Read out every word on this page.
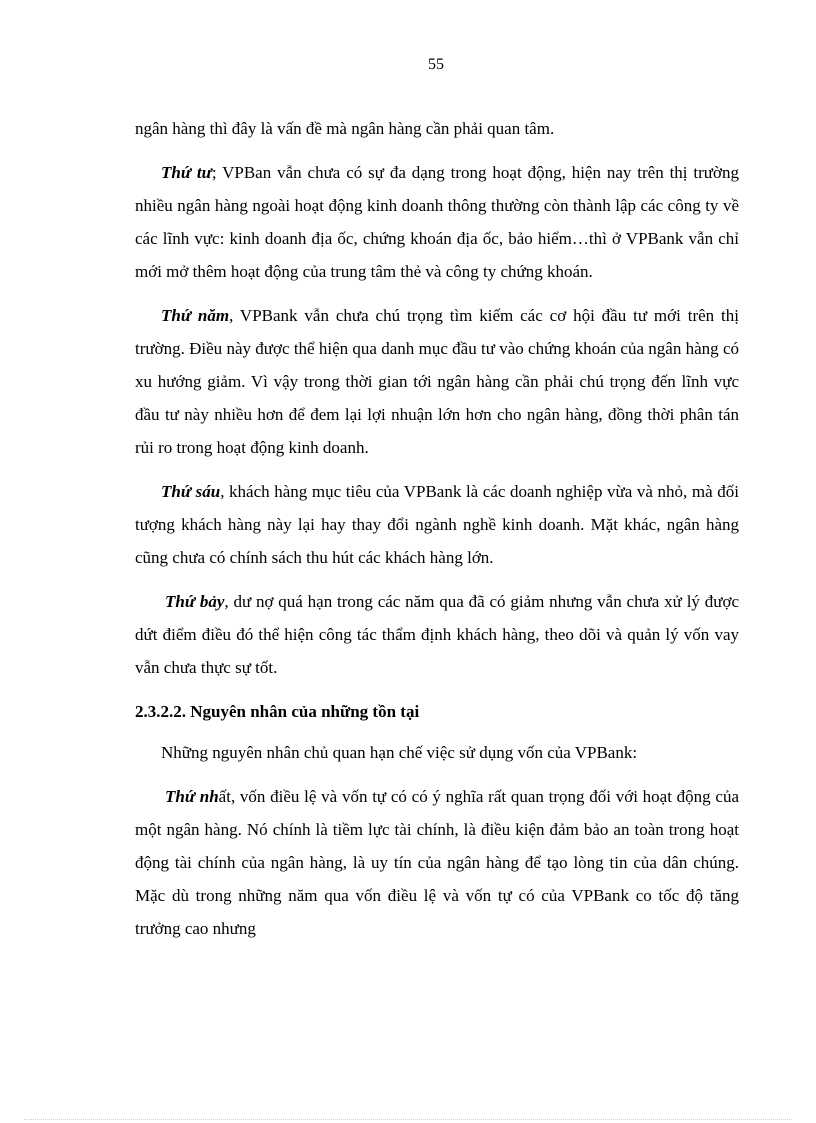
55

ngân hàng thì đây là vấn đề mà ngân hàng cần phải quan tâm.

Thứ tư; VPBan vẫn chưa có sự đa dạng trong hoạt động, hiện nay trên thị trường nhiều ngân hàng ngoài hoạt động kinh doanh thông thường còn thành lập các công ty về các lĩnh vực: kinh doanh địa ốc, chứng khoán địa ốc, bảo hiểm…thì ở VPBank vẫn chỉ mới mở thêm hoạt động của trung tâm thẻ và công ty chứng khoán.

Thứ năm, VPBank vẫn chưa chú trọng tìm kiếm các cơ hội đầu tư mới trên thị trường. Điều này được thể hiện qua danh mục đầu tư vào chứng khoán của ngân hàng có xu hướng giảm. Vì vậy trong thời gian tới ngân hàng cần phải chú trọng đến lĩnh vực đầu tư này nhiều hơn để đem lại lợi nhuận lớn hơn cho ngân hàng, đồng thời phân tán rủi ro trong hoạt động kinh doanh.

Thứ sáu, khách hàng mục tiêu của VPBank là các doanh nghiệp vừa và nhỏ, mà đối tượng khách hàng này lại hay thay đổi ngành nghề kinh doanh. Mặt khác, ngân hàng cũng chưa có chính sách thu hút các khách hàng lớn.

Thứ bảy, dư nợ quá hạn trong các năm qua đã có giảm nhưng vẫn chưa xử lý được dứt điểm điều đó thể hiện công tác thẩm định khách hàng, theo dõi và quản lý vốn vay vẫn chưa thực sự tốt.

2.3.2.2. Nguyên nhân của những tồn tại

Những nguyên nhân chủ quan hạn chế việc sử dụng vốn của VPBank:

Thứ nhất, vốn điều lệ và vốn tự có có ý nghĩa rất quan trọng đối với hoạt động của một ngân hàng. Nó chính là tiềm lực tài chính, là điều kiện đảm bảo an toàn trong hoạt động tài chính của ngân hàng, là uy tín của ngân hàng để tạo lòng tin của dân chúng. Mặc dù trong những năm qua vốn điều lệ và vốn tự có của VPBank co tốc độ tăng trưởng cao nhưng
